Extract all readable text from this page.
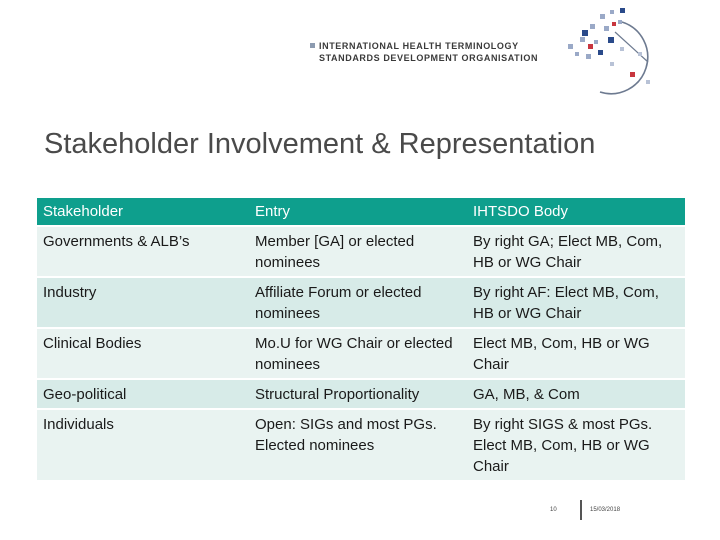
INTERNATIONAL HEALTH TERMINOLOGY
STANDARDS DEVELOPMENT ORGANISATION
Stakeholder Involvement & Representation
Stakeholder	Entry	IHTSDO Body
Governments & ALB’s	Member [GA] or elected nominees	By right GA; Elect MB, Com, HB or WG Chair
Industry	Affiliate Forum or elected nominees	By right AF: Elect MB, Com, HB or WG Chair
Clinical Bodies	Mo.U for WG Chair or elected nominees	Elect MB, Com, HB or WG Chair
Geo-political	Structural Proportionality	GA, MB, & Com
Individuals	Open: SIGs and most PGs. Elected nominees	By right SIGS & most PGs. Elect MB, Com, HB or WG Chair
10	15/03/2018
